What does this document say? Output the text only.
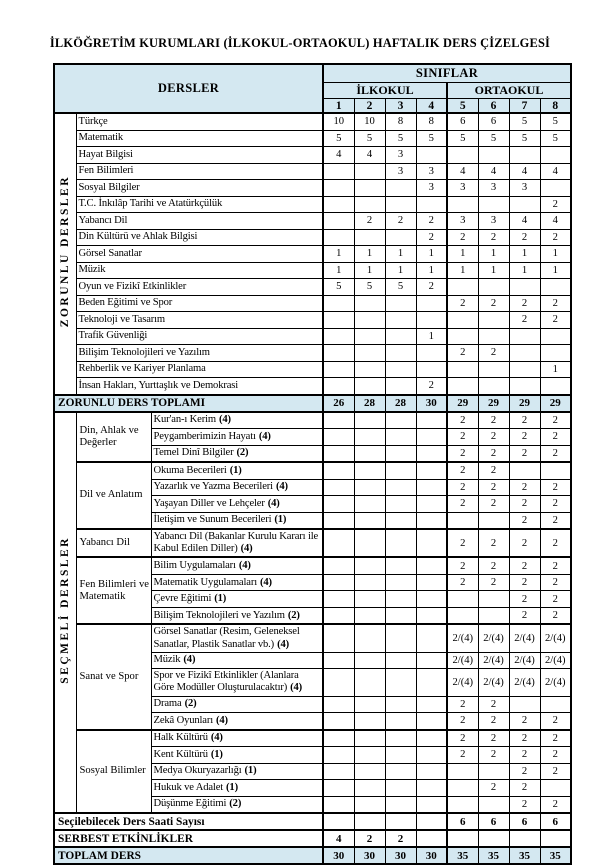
İLKÖĞRETİM KURUMLARI (İLKOKUL-ORTAOKUL) HAFTALIK DERS ÇİZELGESİ
DERSLER			SINIFLAR							
			İLKOKUL				ORTAOKUL			
			1	2	3	4	5	6	7	8
ZORUNLU DERSLER	Türkçe		10	10	8	8	6	6	5	5
	Matematik		5	5	5	5	5	5	5	5
	Hayat Bilgisi		4	4	3					
	Fen Bilimleri				3	3	4	4	4	4
	Sosyal Bilgiler					3	3	3	3	
	T.C. İnkılâp Tarihi ve Atatürkçülük									2
	Yabancı Dil			2	2	2	3	3	4	4
	Din Kültürü ve Ahlak Bilgisi					2	2	2	2	2
	Görsel Sanatlar		1	1	1	1	1	1	1	1
	Müzik		1	1	1	1	1	1	1	1
	Oyun ve Fizikî Etkinlikler		5	5	5	2				
	Beden Eğitimi ve Spor						2	2	2	2
	Teknoloji ve Tasarım								2	2
	Trafik Güvenliği					1				
	Bilişim Teknolojileri ve Yazılım						2	2		
	Rehberlik ve Kariyer Planlama									1
	İnsan Hakları, Yurttaşlık ve Demokrasi					2				
ZORUNLU DERS TOPLAMI			26	28	28	30	29	29	29	29
SEÇMELİ DERSLER	Din, Ahlak ve Değerler	Kur'an-ı Kerim (4)					2	2	2	2
		Peygamberimizin Hayatı (4)					2	2	2	2
		Temel Dinî Bilgiler (2)					2	2	2	2

	Dil ve Anlatım	Okuma Becerileri (1)					2	2		
		Yazarlık ve Yazma Becerileri (4)					2	2	2	2
		Yaşayan Diller ve Lehçeler (4)					2	2	2	2
		İletişim ve Sunum Becerileri (1)							2	2

	Yabancı Dil	Yabancı Dil (Bakanlar Kurulu Kararı ile Kabul Edilen Diller) (4)					2	2	2	2

	Fen Bilimleri ve Matematik	Bilim Uygulamaları (4)					2	2	2	2
		Matematik Uygulamaları (4)					2	2	2	2
		Çevre Eğitimi (1)							2	2
		Bilişim Teknolojileri ve Yazılım (2)							2	2

	Sanat ve Spor	Görsel Sanatlar (Resim, Geleneksel Sanatlar, Plastik Sanatlar vb.) (4)					2/(4)	2/(4)	2/(4)	2/(4)
		Müzik (4)					2/(4)	2/(4)	2/(4)	2/(4)
		Spor ve Fizikî Etkinlikler (Alanlara Göre Modüller Oluşturulacaktır) (4)					2/(4)	2/(4)	2/(4)	2/(4)
		Drama (2)					2	2		
		Zekâ Oyunları (4)					2	2	2	2

	Sosyal Bilimler	Halk Kültürü (4)					2	2	2	2
		Kent Kültürü (1)					2	2	2	2
		Medya Okuryazarlığı (1)							2	2
		Hukuk ve Adalet (1)						2	2	
		Düşünme Eğitimi (2)							2	2
Seçilebilecek Ders Saati Sayısı							6	6	6	6
SERBEST ETKİNLİKLER			4	2	2					
TOPLAM DERS			30	30	30	30	35	35	35	35
